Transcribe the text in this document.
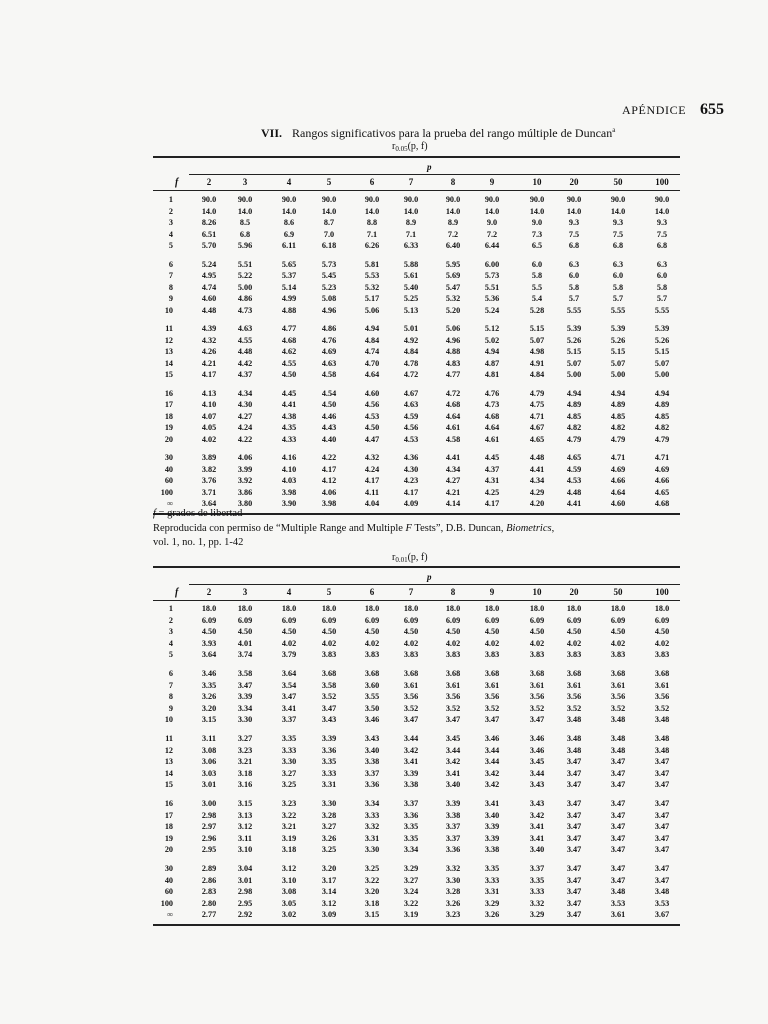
APÉNDICE 655
VII. Rangos significativos para la prueba del rango múltiple de Duncan$^a$
$r_{0.05}(p$, f)
p
f	2	3	4	5	6	7	8	9	10	20	50	100
1	90.0	90.0	90.0	90.0	90.0	90.0	90.0	90.0	90.0	90.0	90.0	90.0
2	14.0	14.0	14.0	14.0	14.0	14.0	14.0	14.0	14.0	14.0	14.0	14.0
3	8.26	8.5	8.6	8.7	8.8	8.9	8.9	9.0	9.0	9.3	9.3	9.3
4	6.51	6.8	6.9	7.0	7.1	7.1	7.2	7.2	7.3	7.5	7.5	7.5
5	5.70	5.96	6.11	6.18	6.26	6.33	6.40	6.44	6.5	6.8	6.8	6.8
6	5.24	5.51	5.65	5.73	5.81	5.88	5.95	6.00	6.0	6.3	6.3	6.3
7	4.95	5.22	5.37	5.45	5.53	5.61	5.69	5.73	5.8	6.0	6.0	6.0
8	4.74	5.00	5.14	5.23	5.32	5.40	5.47	5.51	5.5	5.8	5.8	5.8
9	4.60	4.86	4.99	5.08	5.17	5.25	5.32	5.36	5.4	5.7	5.7	5.7
10	4.48	4.73	4.88	4.96	5.06	5.13	5.20	5.24	5.28	5.55	5.55	5.55
11	4.39	4.63	4.77	4.86	4.94	5.01	5.06	5.12	5.15	5.39	5.39	5.39
12	4.32	4.55	4.68	4.76	4.84	4.92	4.96	5.02	5.07	5.26	5.26	5.26
13	4.26	4.48	4.62	4.69	4.74	4.84	4.88	4.94	4.98	5.15	5.15	5.15
14	4.21	4.42	4.55	4.63	4.70	4.78	4.83	4.87	4.91	5.07	5.07	5.07
15	4.17	4.37	4.50	4.58	4.64	4.72	4.77	4.81	4.84	5.00	5.00	5.00
16	4.13	4.34	4.45	4.54	4.60	4.67	4.72	4.76	4.79	4.94	4.94	4.94
17	4.10	4.30	4.41	4.50	4.56	4.63	4.68	4.73	4.75	4.89	4.89	4.89
18	4.07	4.27	4.38	4.46	4.53	4.59	4.64	4.68	4.71	4.85	4.85	4.85
19	4.05	4.24	4.35	4.43	4.50	4.56	4.61	4.64	4.67	4.82	4.82	4.82
20	4.02	4.22	4.33	4.40	4.47	4.53	4.58	4.61	4.65	4.79	4.79	4.79
30	3.89	4.06	4.16	4.22	4.32	4.36	4.41	4.45	4.48	4.65	4.71	4.71
40	3.82	3.99	4.10	4.17	4.24	4.30	4.34	4.37	4.41	4.59	4.69	4.69
60	3.76	3.92	4.03	4.12	4.17	4.23	4.27	4.31	4.34	4.53	4.66	4.66
100	3.71	3.86	3.98	4.06	4.11	4.17	4.21	4.25	4.29	4.48	4.64	4.65
∞	3.64	3.80	3.90	3.98	4.04	4.09	4.14	4.17	4.20	4.41	4.60	4.68
f = grados de libertad
Reproducida con permiso de “Multiple Range and Multiple F Tests”, D.B. Duncan, Biometrics,
vol. 1, no. 1, pp. 1-42
$r_{0.01}(p$, f)
p
f	2	3	4	5	6	7	8	9	10	20	50	100
1	18.0	18.0	18.0	18.0	18.0	18.0	18.0	18.0	18.0	18.0	18.0	18.0
2	6.09	6.09	6.09	6.09	6.09	6.09	6.09	6.09	6.09	6.09	6.09	6.09
3	4.50	4.50	4.50	4.50	4.50	4.50	4.50	4.50	4.50	4.50	4.50	4.50
4	3.93	4.01	4.02	4.02	4.02	4.02	4.02	4.02	4.02	4.02	4.02	4.02
5	3.64	3.74	3.79	3.83	3.83	3.83	3.83	3.83	3.83	3.83	3.83	3.83
6	3.46	3.58	3.64	3.68	3.68	3.68	3.68	3.68	3.68	3.68	3.68	3.68
7	3.35	3.47	3.54	3.58	3.60	3.61	3.61	3.61	3.61	3.61	3.61	3.61
8	3.26	3.39	3.47	3.52	3.55	3.56	3.56	3.56	3.56	3.56	3.56	3.56
9	3.20	3.34	3.41	3.47	3.50	3.52	3.52	3.52	3.52	3.52	3.52	3.52
10	3.15	3.30	3.37	3.43	3.46	3.47	3.47	3.47	3.47	3.48	3.48	3.48
11	3.11	3.27	3.35	3.39	3.43	3.44	3.45	3.46	3.46	3.48	3.48	3.48
12	3.08	3.23	3.33	3.36	3.40	3.42	3.44	3.44	3.46	3.48	3.48	3.48
13	3.06	3.21	3.30	3.35	3.38	3.41	3.42	3.44	3.45	3.47	3.47	3.47
14	3.03	3.18	3.27	3.33	3.37	3.39	3.41	3.42	3.44	3.47	3.47	3.47
15	3.01	3.16	3.25	3.31	3.36	3.38	3.40	3.42	3.43	3.47	3.47	3.47
16	3.00	3.15	3.23	3.30	3.34	3.37	3.39	3.41	3.43	3.47	3.47	3.47
17	2.98	3.13	3.22	3.28	3.33	3.36	3.38	3.40	3.42	3.47	3.47	3.47
18	2.97	3.12	3.21	3.27	3.32	3.35	3.37	3.39	3.41	3.47	3.47	3.47
19	2.96	3.11	3.19	3.26	3.31	3.35	3.37	3.39	3.41	3.47	3.47	3.47
20	2.95	3.10	3.18	3.25	3.30	3.34	3.36	3.38	3.40	3.47	3.47	3.47
30	2.89	3.04	3.12	3.20	3.25	3.29	3.32	3.35	3.37	3.47	3.47	3.47
40	2.86	3.01	3.10	3.17	3.22	3.27	3.30	3.33	3.35	3.47	3.47	3.47
60	2.83	2.98	3.08	3.14	3.20	3.24	3.28	3.31	3.33	3.47	3.48	3.48
100	2.80	2.95	3.05	3.12	3.18	3.22	3.26	3.29	3.32	3.47	3.53	3.53
∞	2.77	2.92	3.02	3.09	3.15	3.19	3.23	3.26	3.29	3.47	3.61	3.67
